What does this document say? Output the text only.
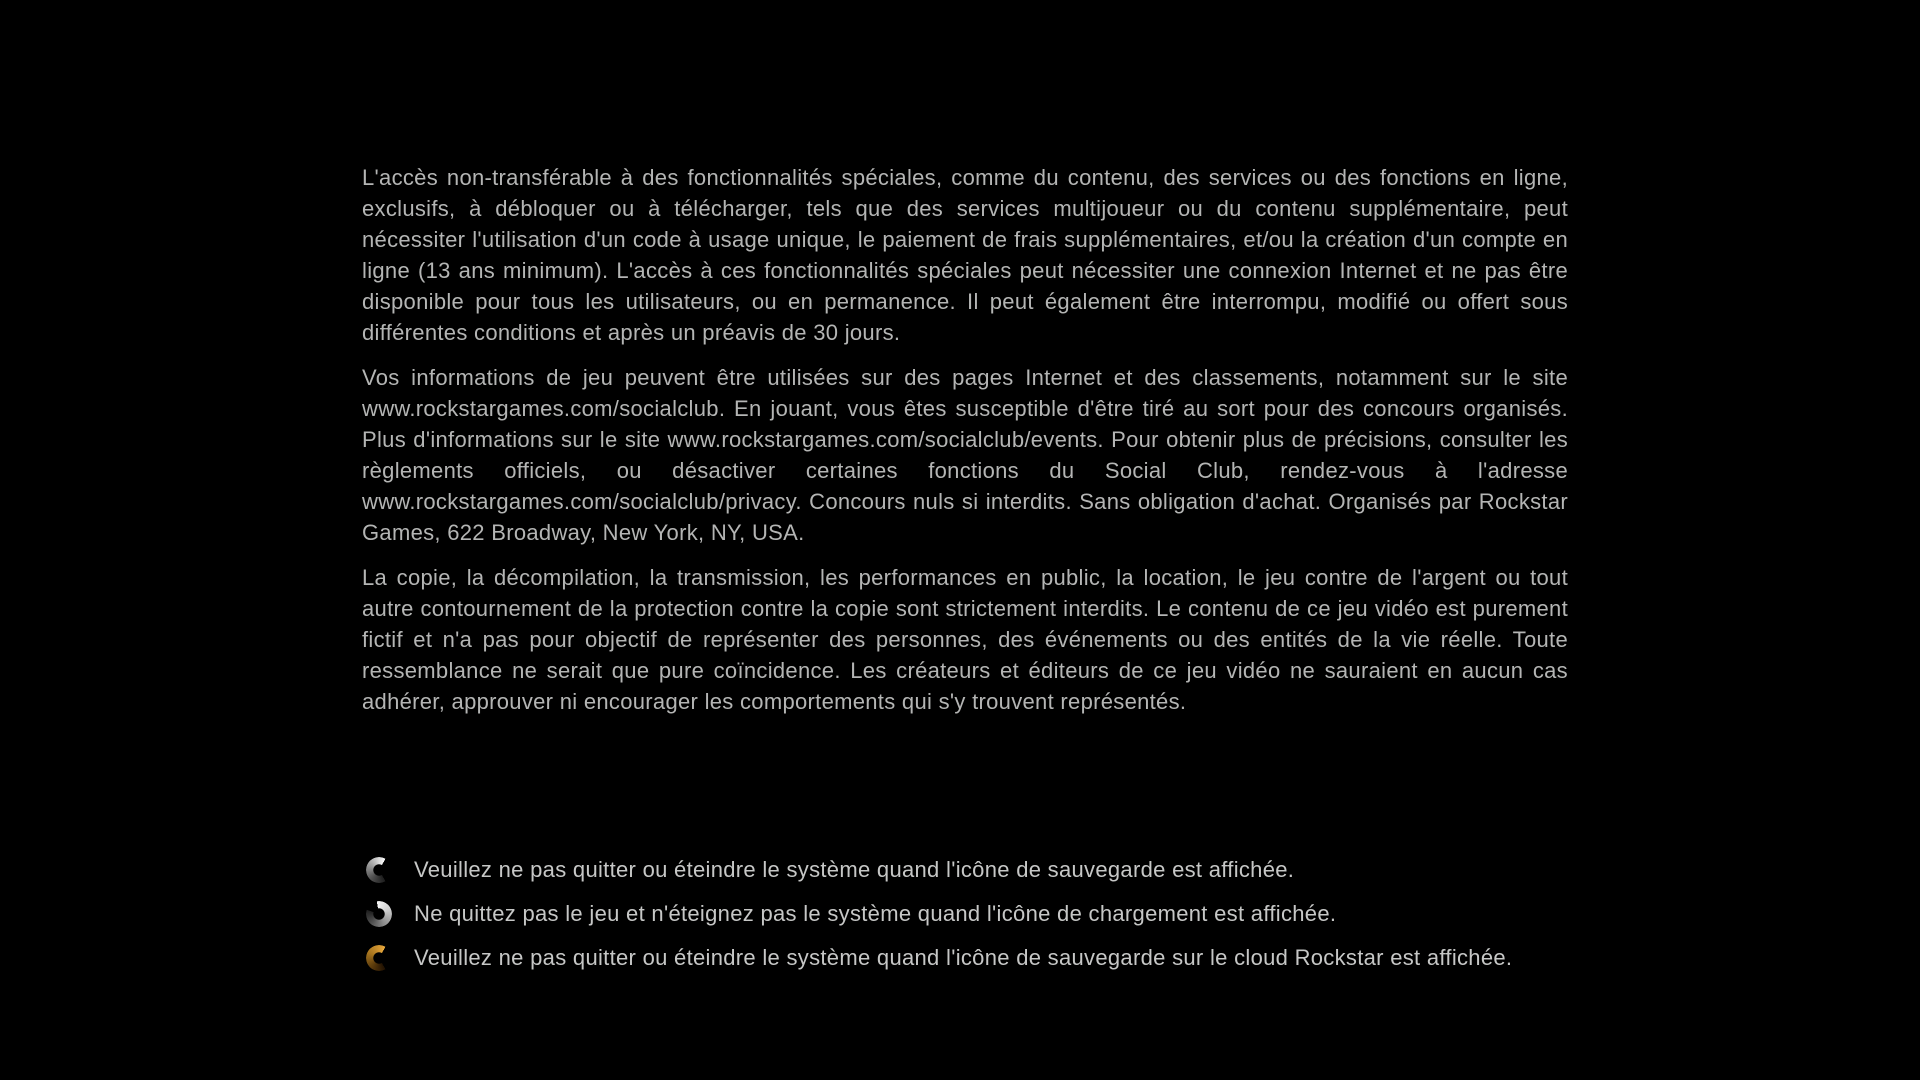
L'accès non-transférable à des fonctionnalités spéciales, comme du contenu, des services ou des fonctions en ligne, exclusifs, à débloquer ou à télécharger, tels que des services multijoueur ou du contenu supplémentaire, peut nécessiter l'utilisation d'un code à usage unique, le paiement de frais supplémentaires, et/ou la création d'un compte en ligne (13 ans minimum). L'accès à ces fonctionnalités spéciales peut nécessiter une connexion Internet et ne pas être disponible pour tous les utilisateurs, ou en permanence. Il peut également être interrompu, modifié ou offert sous différentes conditions et après un préavis de 30 jours.

Vos informations de jeu peuvent être utilisées sur des pages Internet et des classements, notamment sur le site www.rockstargames.com/socialclub. En jouant, vous êtes susceptible d'être tiré au sort pour des concours organisés. Plus d'informations sur le site www.rockstargames.com/socialclub/events. Pour obtenir plus de précisions, consulter les règlements officiels, ou désactiver certaines fonctions du Social Club, rendez-vous à l'adresse www.rockstargames.com/socialclub/privacy. Concours nuls si interdits. Sans obligation d'achat. Organisés par Rockstar Games, 622 Broadway, New York, NY, USA.

La copie, la décompilation, la transmission, les performances en public, la location, le jeu contre de l'argent ou tout autre contournement de la protection contre la copie sont strictement interdits. Le contenu de ce jeu vidéo est purement fictif et n'a pas pour objectif de représenter des personnes, des événements ou des entités de la vie réelle. Toute ressemblance ne serait que pure coïncidence. Les créateurs et éditeurs de ce jeu vidéo ne sauraient en aucun cas adhérer, approuver ni encourager les comportements qui s'y trouvent représentés.

Veuillez ne pas quitter ou éteindre le système quand l'icône de sauvegarde est affichée.
Ne quittez pas le jeu et n'éteignez pas le système quand l'icône de chargement est affichée.
Veuillez ne pas quitter ou éteindre le système quand l'icône de sauvegarde sur le cloud Rockstar est affichée.
